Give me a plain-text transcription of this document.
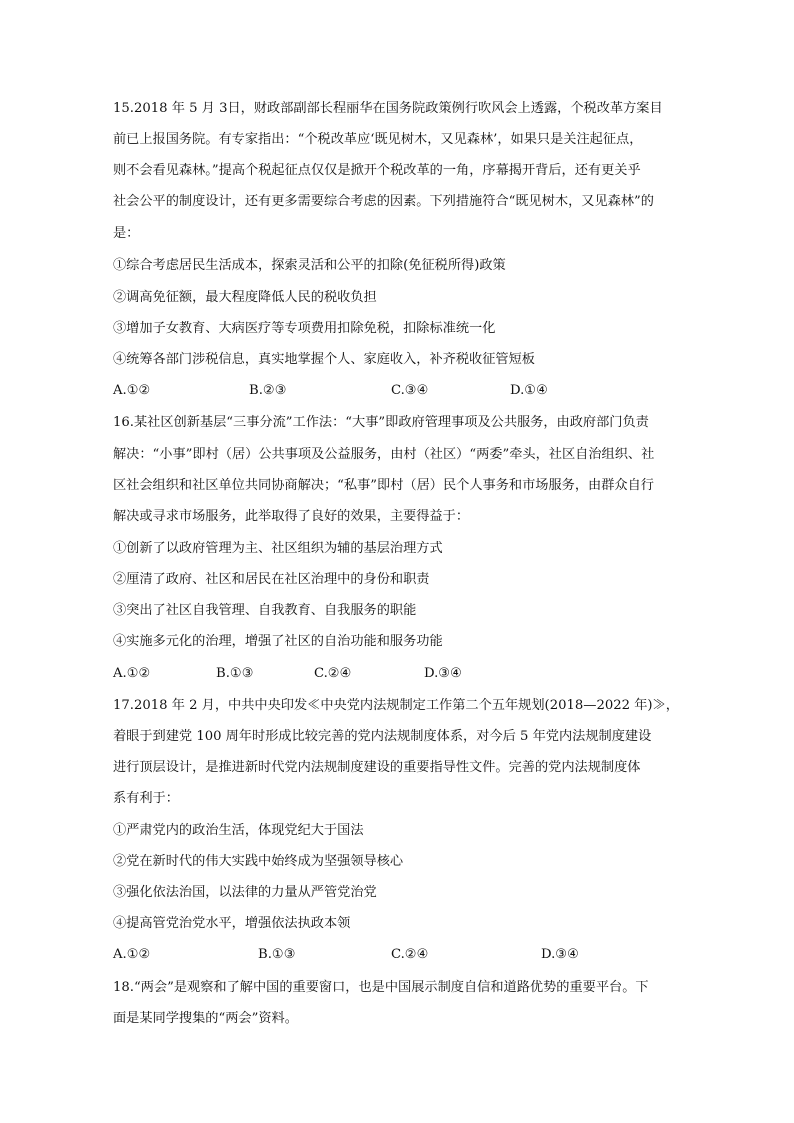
15.2018 年 5 月 3日，财政部副部长程丽华在国务院政策例行吹风会上透露，个税改革方案目
前已上报国务院。有专家指出：“个税改革应‘既见树木，又见森林’，如果只是关注起征点，
则不会看见森林。”提高个税起征点仅仅是掀开个税改革的一角，序幕揭开背后，还有更关乎
社会公平的制度设计，还有更多需要综合考虑的因素。下列措施符合“既见树木，又见森林”的
是：
①综合考虑居民生活成本，探索灵活和公平的扣除(免征税所得)政策
②调高免征额，最大程度降低人民的税收负担
③增加子女教育、大病医疗等专项费用扣除免税，扣除标准统一化
④统筹各部门涉税信息，真实地掌握个人、家庭收入，补齐税收征管短板
A.①②	B.②③	C.③④	D.①④
16.某社区创新基层“三事分流”工作法：“大事”即政府管理事项及公共服务，由政府部门负责
解决：“小事”即村（居）公共事项及公益服务，由村（社区）“两委”牵头，社区自治组织、社
区社会组织和社区单位共同协商解决；“私事”即村（居）民个人事务和市场服务，由群众自行
解决或寻求市场服务，此举取得了良好的效果，主要得益于：
①创新了以政府管理为主、社区组织为辅的基层治理方式
②厘清了政府、社区和居民在社区治理中的身份和职责
③突出了社区自我管理、自我教育、自我服务的职能
④实施多元化的治理，增强了社区的自治功能和服务功能
A.①②	B.①③	C.②④	D.③④
17.2018 年 2 月，中共中央印发≪中央党内法规制定工作第二个五年规划(2018—2022 年)≫，
着眼于到建党 100 周年时形成比较完善的党内法规制度体系，对今后 5 年党内法规制度建设
进行顶层设计，是推进新时代党内法规制度建设的重要指导性文件。完善的党内法规制度体
系有利于：
①严肃党内的政治生活，体现党纪大于国法
②党在新时代的伟大实践中始终成为坚强领导核心
③强化依法治国，以法律的力量从严管党治党
④提高管党治党水平，增强依法执政本领
A.①②	B.①③	C.②④	D.③④
18.“两会”是观察和了解中国的重要窗口，也是中国展示制度自信和道路优势的重要平台。下
面是某同学搜集的“两会”资料。
